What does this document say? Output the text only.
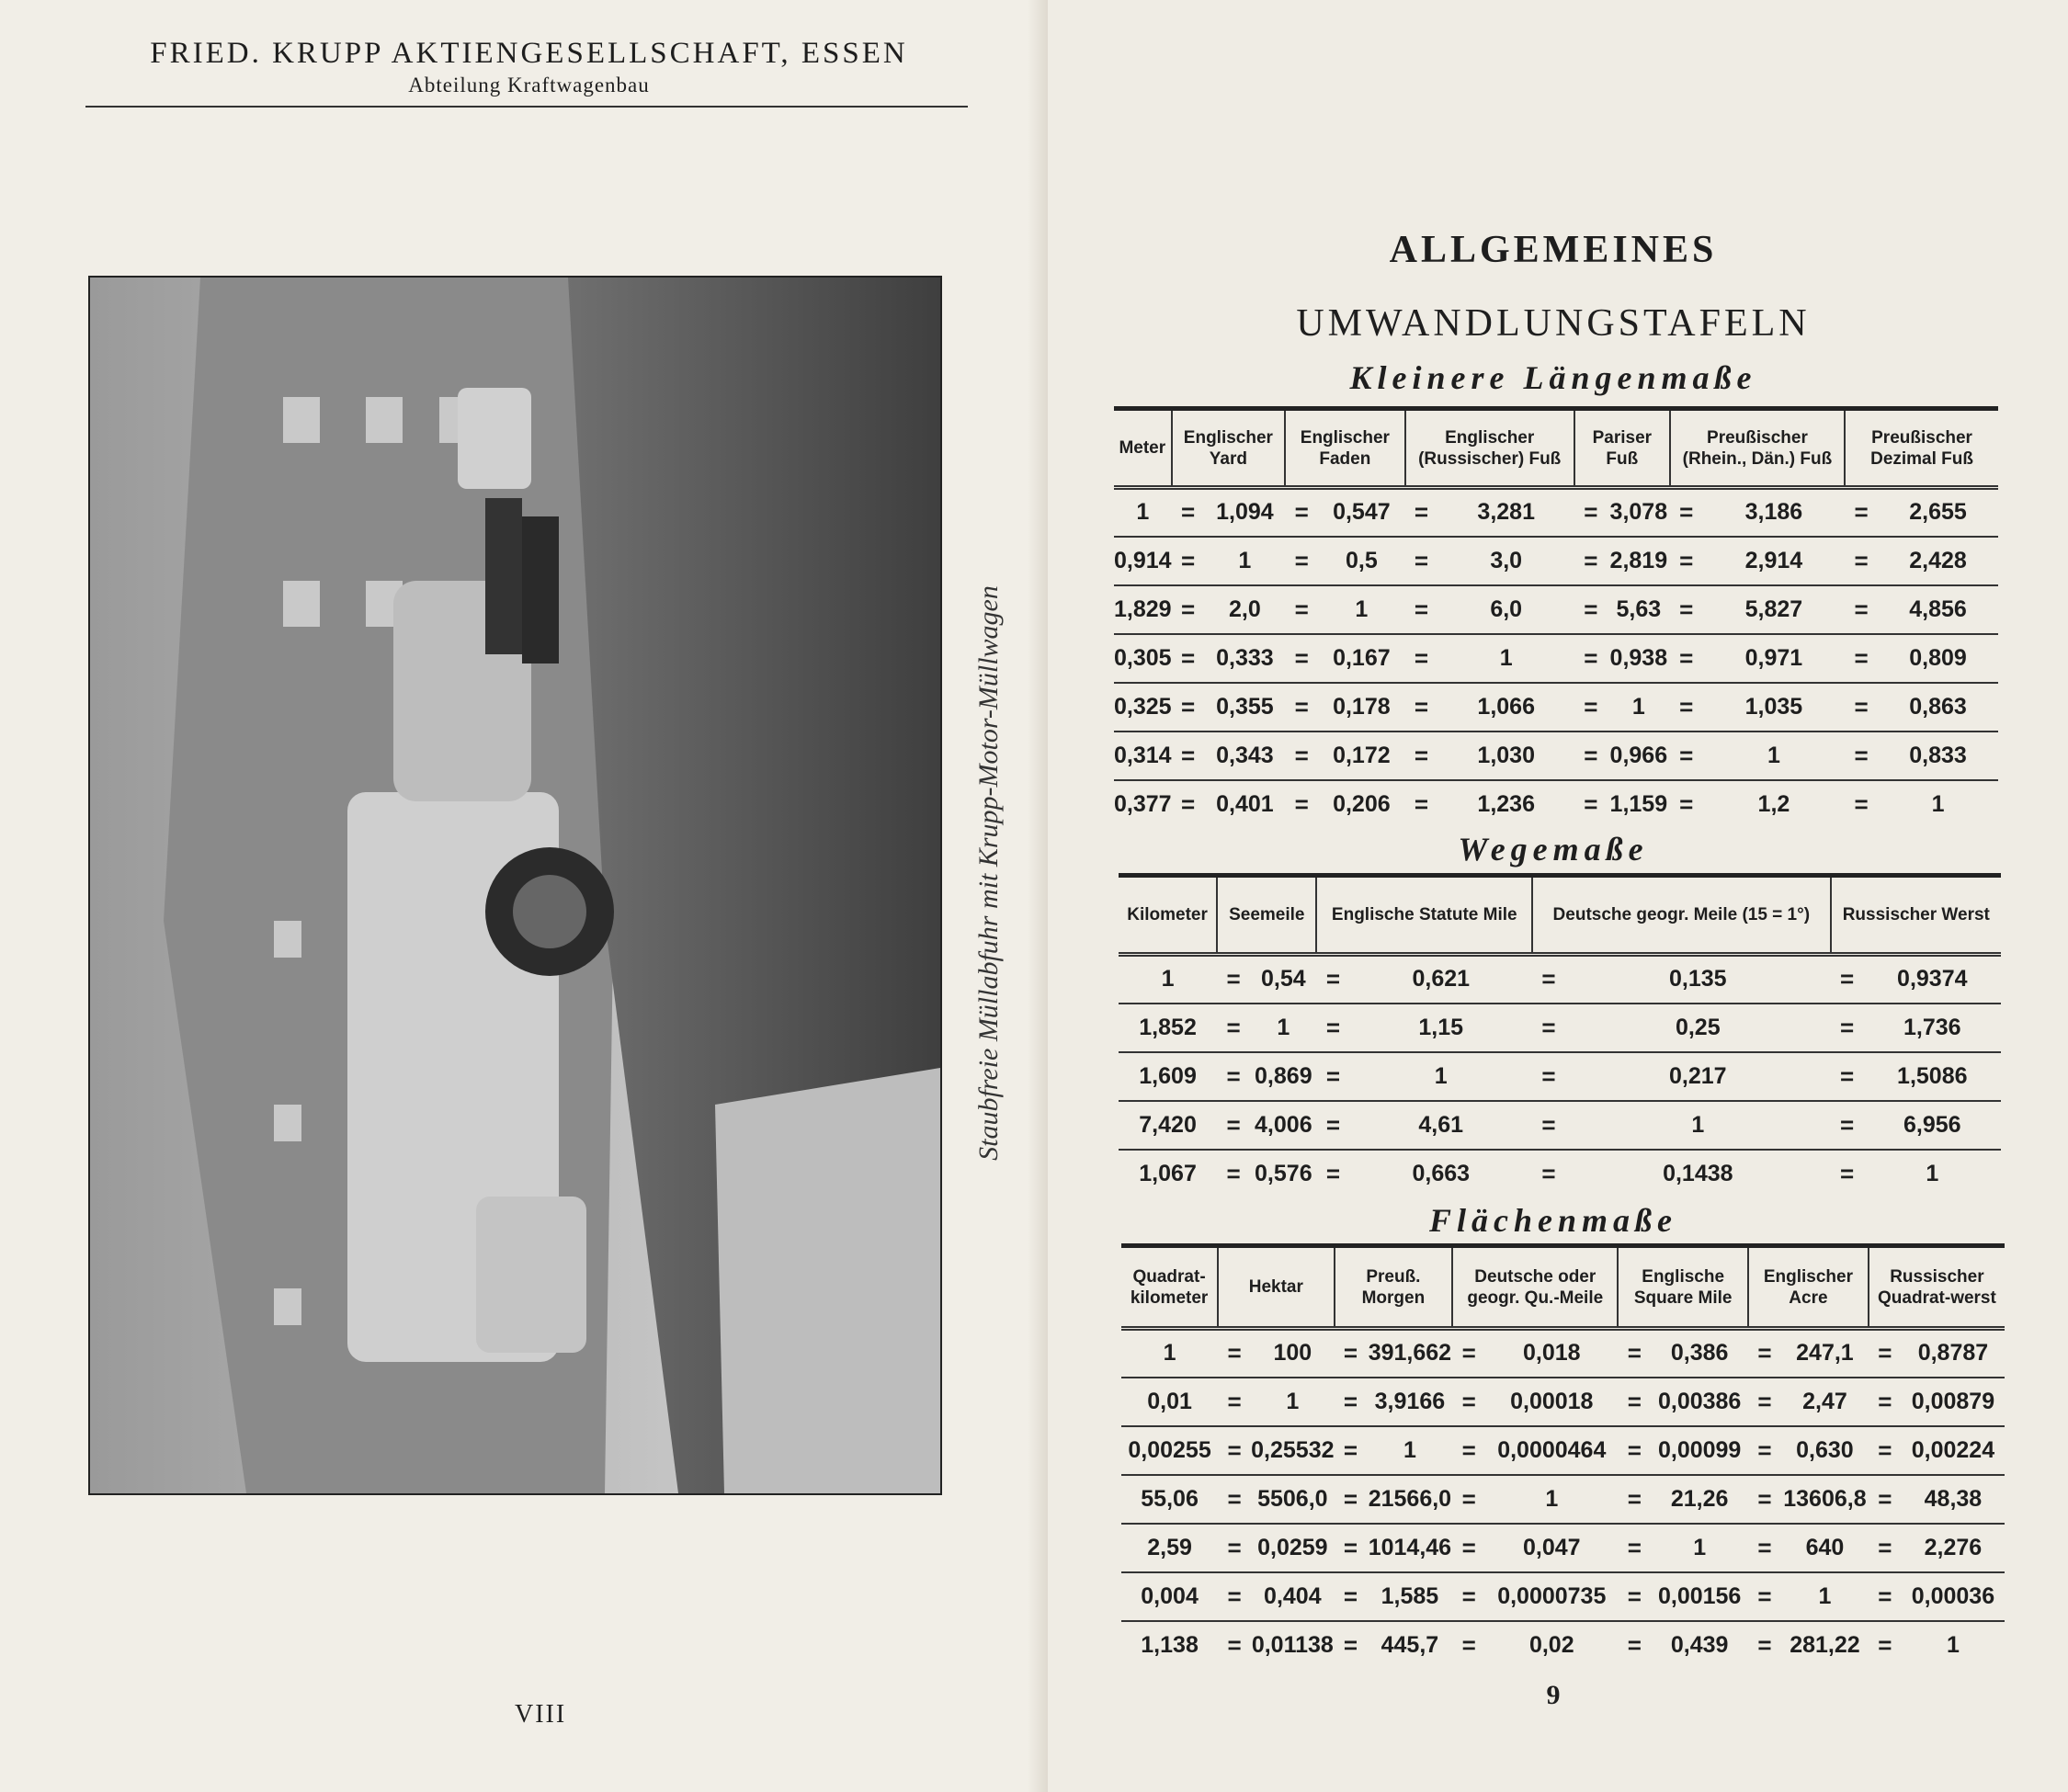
FRIED. KRUPP AKTIENGESELLSCHAFT, ESSEN
Abteilung Kraftwagenbau
Staubfreie Müllabfuhr mit Krupp-Motor-Müllwagen
VIII
ALLGEMEINES
UMWANDLUNGSTAFELN
Kleinere Längenmaße
Wegemaße
Flächenmaße
Meter	Englischer Yard		Englischer Faden		Englischer (Russischer) Fuß		Pariser Fuß		Preußischer (Rhein., Dän.) Fuß		Preußischer Dezimal Fuß	
1	=	1,094	=	0,547	=	3,281	=	3,078	=	3,186	=	2,655
0,914	=	1	=	0,5	=	3,0	=	2,819	=	2,914	=	2,428
1,829	=	2,0	=	1	=	6,0	=	5,63	=	5,827	=	4,856
0,305	=	0,333	=	0,167	=	1	=	0,938	=	0,971	=	0,809
0,325	=	0,355	=	0,178	=	1,066	=	1	=	1,035	=	0,863
0,314	=	0,343	=	0,172	=	1,030	=	0,966	=	1	=	0,833
0,377	=	0,401	=	0,206	=	1,236	=	1,159	=	1,2	=	1
Kilometer	Seemeile		Englische Statute Mile		Deutsche geogr. Meile (15 = 1°)		Russischer Werst	
1	=	0,54	=	0,621	=	0,135	=	0,9374
1,852	=	1	=	1,15	=	0,25	=	1,736
1,609	=	0,869	=	1	=	0,217	=	1,5086
7,420	=	4,006	=	4,61	=	1	=	6,956
1,067	=	0,576	=	0,663	=	0,1438	=	1
Quadrat-kilometer	Hektar		Preuß. Morgen		Deutsche oder geogr. Qu.-Meile		Englische Square Mile		Englischer Acre		Russischer Quadrat-werst	
1	=	100	=	391,662	=	0,018	=	0,386	=	247,1	=	0,8787
0,01	=	1	=	3,9166	=	0,00018	=	0,00386	=	2,47	=	0,00879
0,00255	=	0,25532	=	1	=	0,0000464	=	0,00099	=	0,630	=	0,00224
55,06	=	5506,0	=	21566,0	=	1	=	21,26	=	13606,8	=	48,38
2,59	=	0,0259	=	1014,46	=	0,047	=	1	=	640	=	2,276
0,004	=	0,404	=	1,585	=	0,0000735	=	0,00156	=	1	=	0,00036
1,138	=	0,01138	=	445,7	=	0,02	=	0,439	=	281,22	=	1
9
